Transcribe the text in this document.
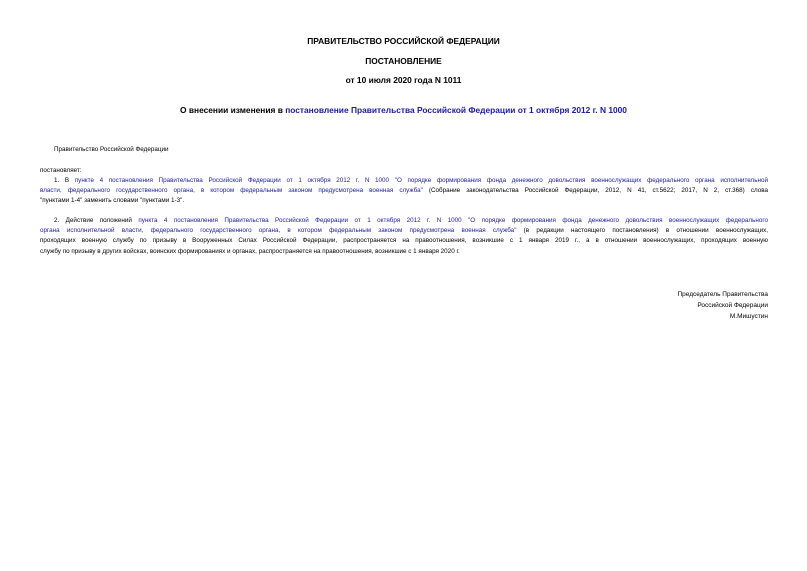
ПРАВИТЕЛЬСТВО РОССИЙСКОЙ ФЕДЕРАЦИИ
ПОСТАНОВЛЕНИЕ
от 10 июля 2020 года N 1011
О внесении изменения в постановление Правительства Российской Федерации от 1 октября 2012 г. N 1000
Правительство Российской Федерации
постановляет:
1. В пункте 4 постановления Правительства Российской Федерации от 1 октября 2012 г. N 1000 "О порядке формирования фонда денежного довольствия военнослужащих федерального органа исполнительной
власти, федерального государственного органа, в котором федеральным законом предусмотрена военная служба" (Собрание законодательства Российской Федерации, 2012, N 41, ст.5622; 2017, N 2, ст.368) слова
"пунктами 1-4" заменить словами "пунктами 1-3".
2. Действие положений пункта 4 постановления Правительства Российской Федерации от 1 октября 2012 г. N 1000 "О порядке формирования фонда денежного довольствия военнослужащих федерального
органа исполнительной власти, федерального государственного органа, в котором федеральным законом предусмотрена военная служба" (в редакции настоящего постановления) в отношении военнослужащих,
проходящих военную службу по призыву в Вооруженных Силах Российской Федерации, распространяется на правоотношения, возникшие с 1 января 2019 г., а в отношении военнослужащих, проходящих военную
службу по призыву в других войсках, воинских формированиях и органах, распространяется на правоотношения, возникшие с 1 января 2020 г.
Председатель Правительства
Российской Федерации
М.Мишустин
